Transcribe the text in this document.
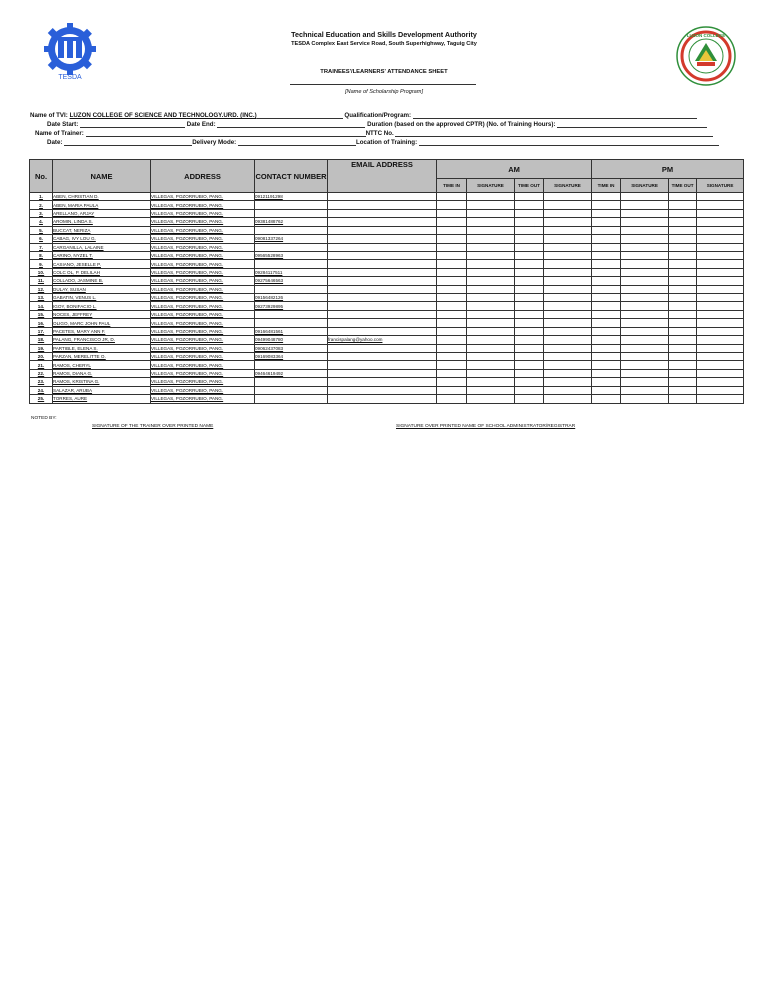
TESDA
LUZON COLLEGE
Technical Education and Skills Development Authority
TESDA Complex East Service Road, South Superhighway, Taguig City
TRAINEES'/LEARNERS' ATTENDANCE SHEET
[Name of Scholarship Program]
Name of TVI: LUZON COLLEGE OF SCIENCE AND TECHNOLOGY.URD. (INC.)	Qualification/Program:
Date Start:	Date End:	Duration (based on the approved CPTR) (No. of Training Hours):
Name of Trainer:	NTTC No.
Date:	Delivery Mode:	Location of Training:
No.	NAME	ADDRESS	CONTACT NUMBER	EMAIL ADDRESS	AM				PM			
					TIME IN	SIGNATURE	TIME OUT	SIGNATURE	TIME IN	SIGNATURE	TIME OUT	SIGNATURE
1.	ABEN, CHRISTIAN D.	VILLEGAS, POZORRUBIO, PANG.	09121191298									
2.	ABEN, MARIA PAULA	VILLEGAS, POZORRUBIO, PANG.										
3.	ARELLANO, ARJAY	VILLEGAS, POZORRUBIO, PANG.										
4.	AROMIN, LINDA S.	VILLEGAS, POZORRUBIO, PANG.	09381488762									
5.	BUCCAT, NERIZA	VILLEGAS, POZORRUBIO, PANG.										
6.	CABAG, IVY LOU G.	VILLEGAS, POZORRUBIO, PANG.	09081337264									
7.	CARGANILLA, LALAINE	VILLEGAS, POZORRUBIO, PANG.										
8.	CARINO, NYZEL T.	VILLEGAS, POZORRUBIO, PANG.	09565528963									
9.	CASIANO, JESELLE P.	VILLEGAS, POZORRUBIO, PANG.										
10.	COLC OL, P. DELILAH	VILLEGAS, POZORRUBIO, PANG.	09284117511									
11.	COLLADO, JASMINE B.	VILLEGAS, POZORRUBIO, PANG.	09275646563									
12.	DULAY, SUSAN	VILLEGAS, POZORRUBIO, PANG.										
13.	GABATIN, VENUS L.	VILLEGAS, POZORRUBIO, PANG.	09156482126									
14.	IGOY, BONIFACIO L.	VILLEGAS, POZORRUBIO, PANG.	09273929895									
15.	NOCES, JEFFREY	VILLEGAS, POZORRUBIO, PANG.										
16.	OLIGO, MARC JOHN PAUL	VILLEGAS, POZORRUBIO, PANG.										
17.	PACETES, MARY ANN F.	VILLEGAS, POZORRUBIO, PANG.	09166481561									
18.	PALANG, FRANCISCO JR, D.	VILLEGAS, POZORRUBIO, PANG.	09499048780	francispalang@yahoo.com								
19.	PARTIBLE, ELENA S.	VILLEGAS, POZORRUBIO, PANG.	09062437083									
20.	PARZAN, MERELITTE O.	VILLEGAS, POZORRUBIO, PANG.	09169083364									
21.	RAMOS, CHERYL	VILLEGAS, POZORRUBIO, PANG.										
22.	RAMOS, DIANA G.	VILLEGAS, POZORRUBIO, PANG.	09464619492									
23.	RAMOS, KRISTINA G.	VILLEGAS, POZORRUBIO, PANG.										
24.	SALAZAR, ARUBA	VILLEGAS, POZORRUBIO, PANG.										
25.	TORRES, AURE	VILLEGAS, POZORRUBIO, PANG.										
NOTED BY:
SIGNATURE OF THE TRAINER OVER PRINTED NAME	SIGNATURE OVER PRINTED NAME OF SCHOOL ADMINISTRATOR/REGISTRAR
